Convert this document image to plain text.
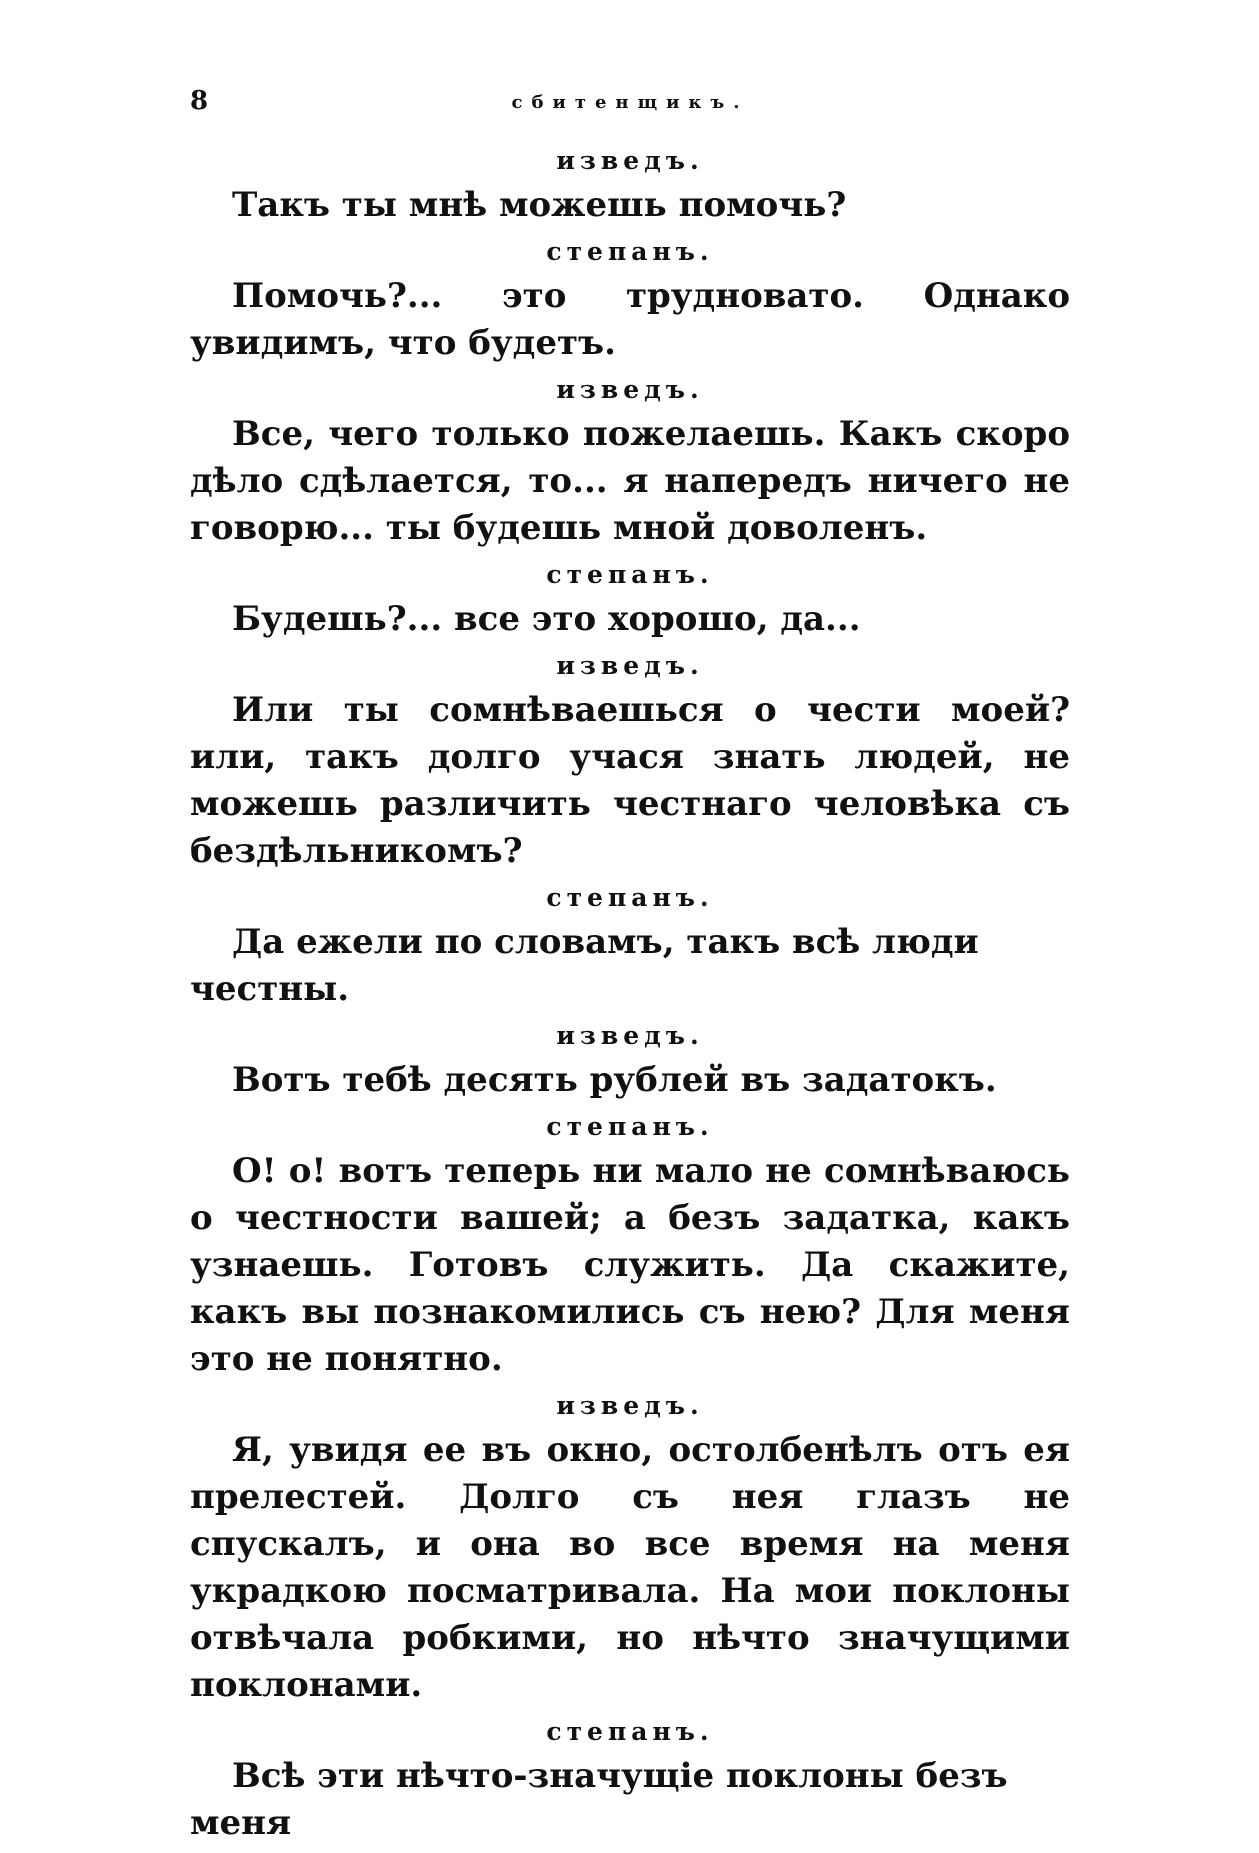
8	сбитенщикъ.
изведъ.

Такъ ты мнѣ можешь помочь?

степанъ.

Помочь?... это трудновато. Однако увидимъ, что будетъ.

изведъ.

Все, чего только пожелаешь. Какъ скоро дѣло сдѣлается, то... я напередъ ничего не говорю... ты будешь мной доволенъ.

степанъ.

Будешь?... все это хорошо, да...

изведъ.

Или ты сомнѣваешься о чести моей? или, такъ долго учася знать людей, не можешь различить честнаго человѣка съ бездѣльникомъ?

степанъ.

Да ежели по словамъ, такъ всѣ люди честны.

изведъ.

Вотъ тебѣ десять рублей въ задатокъ.

степанъ.

О! о! вотъ теперь ни мало не сомнѣваюсь о честности вашей; а безъ задатка, какъ узнаешь. Готовъ служить. Да скажите, какъ вы познакомились съ нею? Для меня это не понятно.

изведъ.

Я, увидя ее въ окно, остолбенѣлъ отъ ея прелестей. Долго съ нея глазъ не спускалъ, и она во все время на меня украдкою посматривала. На мои поклоны отвѣчала робкими, но нѣчто значущими поклонами.

степанъ.

Всѣ эти нѣчто-значущіе поклоны безъ меня
